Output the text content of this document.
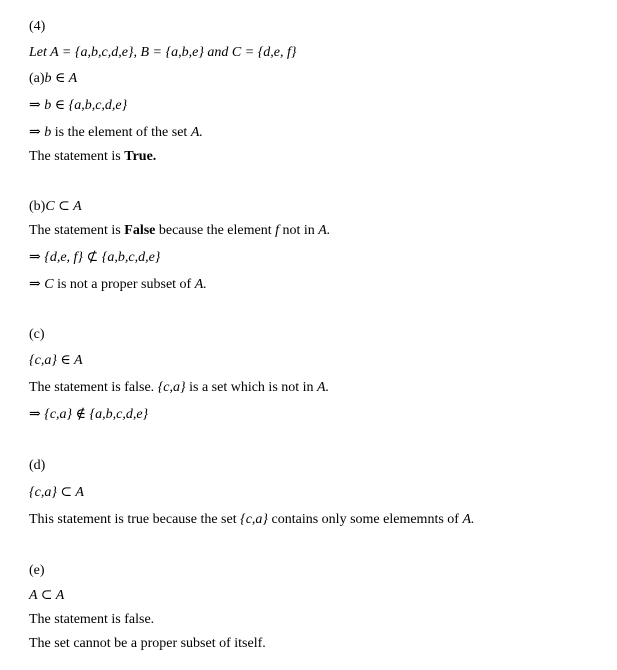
(4)
Let A = {a,b,c,d,e}, B = {a,b,e} and C = {d,e, f}
(a)b ∈ A
⇒ b ∈ {a,b,c,d,e}
⇒ b is the element of the set A.
The statement is True.
(b)C ⊂ A
The statement is False because the element f not in A.
⇒ {d,e, f} ⊄ {a,b,c,d,e}
⇒ C is not a proper subset of A.
(c)
{c,a} ∈ A
The statement is false. {c,a} is a set which is not in A.
⇒ {c,a} ∉ {a,b,c,d,e}
(d)
{c,a} ⊂ A
This statement is true because the set {c,a} contains only some elememnts of A.
(e)
A ⊂ A
The statement is false.
The set cannot be a proper subset of itself.
